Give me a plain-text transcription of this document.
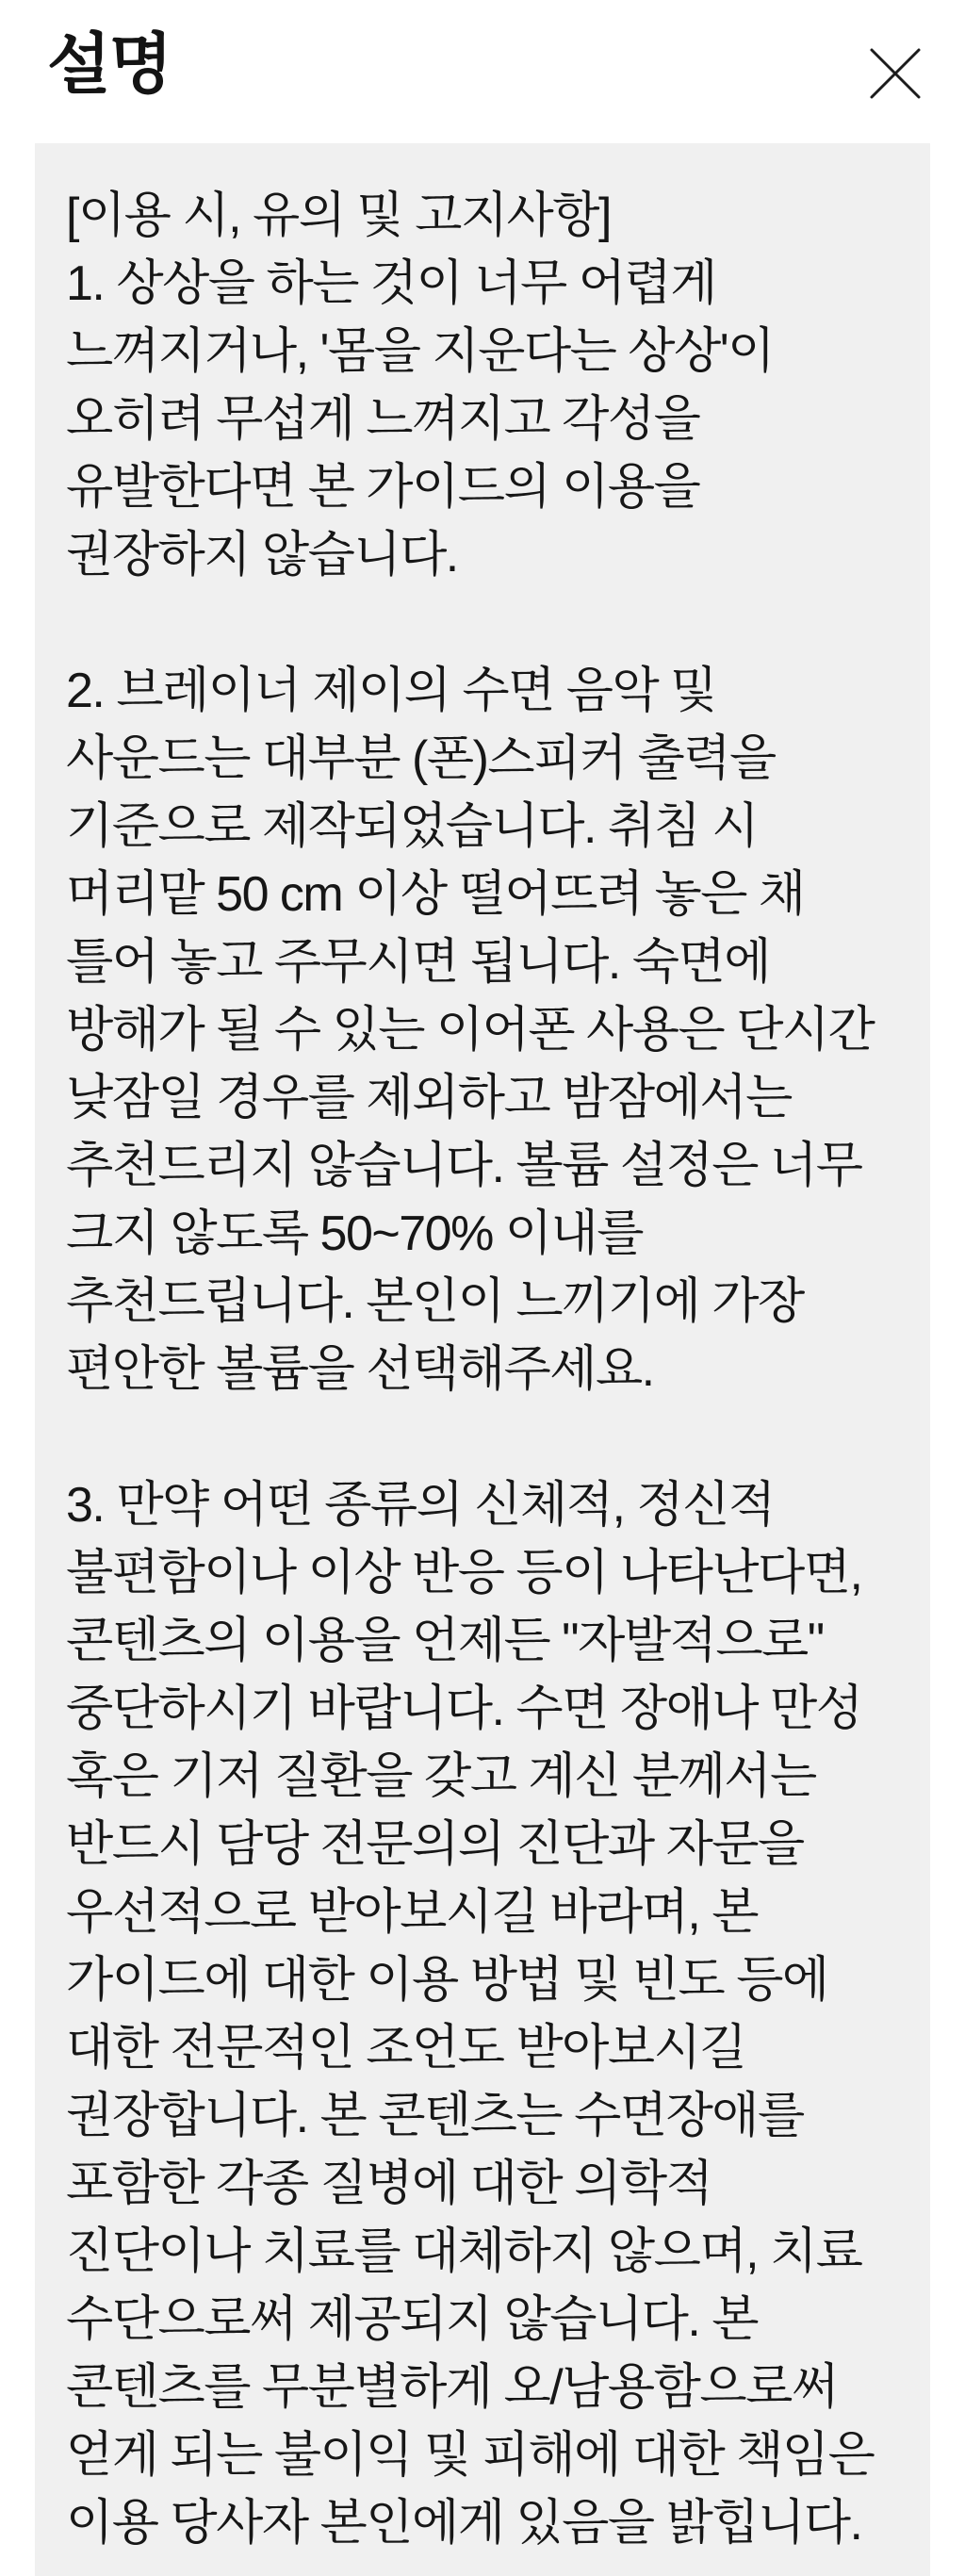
설명
[이용 시, 유의 및 고지사항]
1. 상상을 하는 것이 너무 어렵게
느껴지거나, '몸을 지운다는 상상'이
오히려 무섭게 느껴지고 각성을
유발한다면 본 가이드의 이용을
권장하지 않습니다.
2. 브레이너 제이의 수면 음악 및
사운드는 대부분 (폰)스피커 출력을
기준으로 제작되었습니다. 취침 시
머리맡 50 cm 이상 떨어뜨려 놓은 채
틀어 놓고 주무시면 됩니다. 숙면에
방해가 될 수 있는 이어폰 사용은 단시간
낮잠일 경우를 제외하고 밤잠에서는
추천드리지 않습니다. 볼륨 설정은 너무
크지 않도록 50~70% 이내를
추천드립니다. 본인이 느끼기에 가장
편안한 볼륨을 선택해주세요.
3. 만약 어떤 종류의 신체적, 정신적
불편함이나 이상 반응 등이 나타난다면,
콘텐츠의 이용을 언제든 "자발적으로"
중단하시기 바랍니다. 수면 장애나 만성
혹은 기저 질환을 갖고 계신 분께서는
반드시 담당 전문의의 진단과 자문을
우선적으로 받아보시길 바라며, 본
가이드에 대한 이용 방법 및 빈도 등에
대한 전문적인 조언도 받아보시길
권장합니다. 본 콘텐츠는 수면장애를
포함한 각종 질병에 대한 의학적
진단이나 치료를 대체하지 않으며, 치료
수단으로써 제공되지 않습니다. 본
콘텐츠를 무분별하게 오/남용함으로써
얻게 되는 불이익 및 피해에 대한 책임은
이용 당사자 본인에게 있음을 밝힙니다.
